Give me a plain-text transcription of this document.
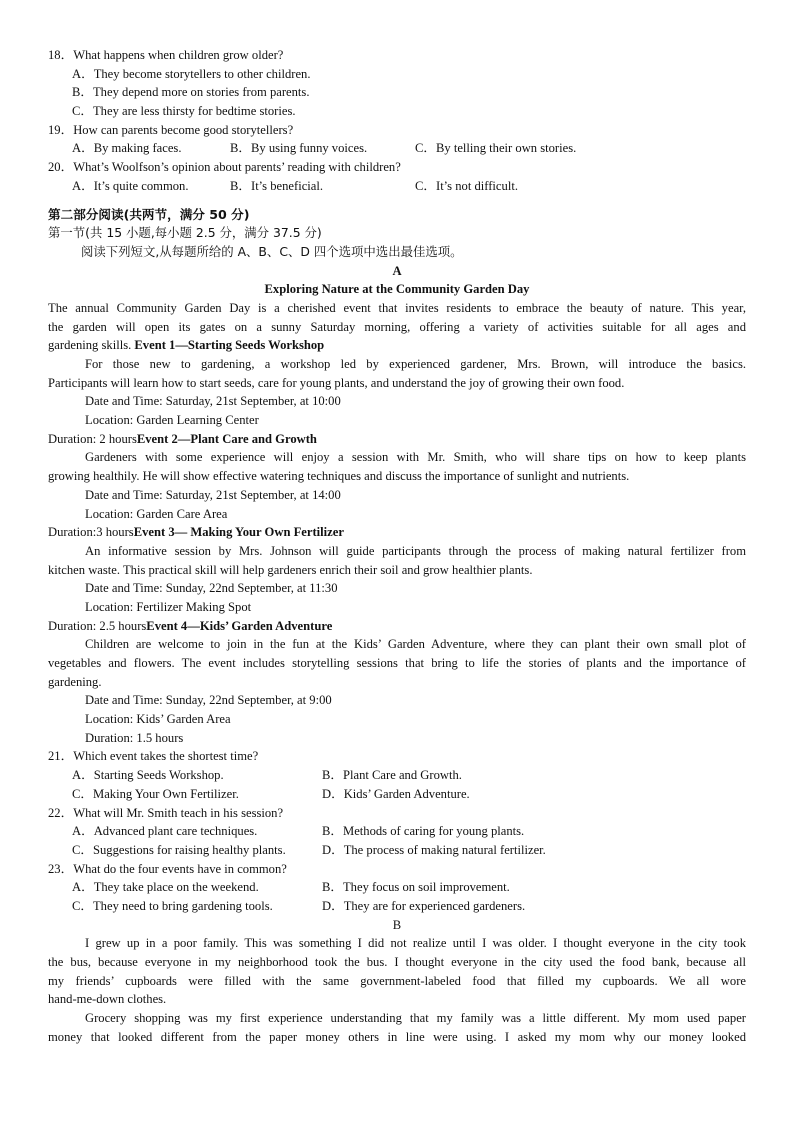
18．What happens when children grow older?
A．They become storytellers to other children.
B．They depend more on stories from parents.
C．They are less thirsty for bedtime stories.
19．How can parents become good storytellers?
A．By making faces.	B．By using funny voices.	C．By telling their own stories.
20．What’s Woolfson’s opinion about parents’ reading with children?
A．It’s quite common.	B．It’s beneficial.	C．It’s not difficult.
第二部分阅读(共两节，满分 50 分)
第一节(共 15 小题,每小题 2.5 分，满分 37.5 分)
阅读下列短文,从每题所给的 A、B、C、D 四个选项中选出最佳选项。
A
Exploring Nature at the Community Garden Day
The annual Community Garden Day is a cherished event that invites residents to embrace the beauty of nature. This year,
the garden will open its gates on a sunny Saturday morning, offering a variety of activities suitable for all ages and
gardening skills. Event 1—Starting Seeds Workshop
For those new to gardening, a workshop led by experienced gardener, Mrs. Brown, will introduce the basics.
Participants will learn how to start seeds, care for young plants, and understand the joy of growing their own food.
Date and Time: Saturday, 21st September, at 10:00
Location: Garden Learning Center
Duration: 2 hoursEvent 2—Plant Care and Growth
Gardeners with some experience will enjoy a session with Mr. Smith, who will share tips on how to keep plants
growing healthily. He will show effective watering techniques and discuss the importance of sunlight and nutrients.
Date and Time: Saturday, 21st September, at 14:00
Location: Garden Care Area
Duration:3 hoursEvent 3— Making Your Own Fertilizer
An informative session by Mrs. Johnson will guide participants through the process of making natural fertilizer from
kitchen waste. This practical skill will help gardeners enrich their soil and grow healthier plants.
Date and Time: Sunday, 22nd September, at 11:30
Location: Fertilizer Making Spot
Duration: 2.5 hoursEvent 4—Kids’ Garden Adventure
Children are welcome to join in the fun at the Kids’ Garden Adventure, where they can plant their own small plot of
vegetables and flowers. The event includes storytelling sessions that bring to life the stories of plants and the importance of
gardening.
Date and Time: Sunday, 22nd September, at 9:00
Location: Kids’ Garden Area
Duration: 1.5 hours
21．Which event takes the shortest time?
A．Starting Seeds Workshop.	B．Plant Care and Growth.
C．Making Your Own Fertilizer.	D．Kids’ Garden Adventure.
22．What will Mr. Smith teach in his session?
A．Advanced plant care techniques.	B．Methods of caring for young plants.
C．Suggestions for raising healthy plants.	D．The process of making natural fertilizer.
23．What do the four events have in common?
A．They take place on the weekend.	B．They focus on soil improvement.
C．They need to bring gardening tools.	D．They are for experienced gardeners.
B
I grew up in a poor family. This was something I did not realize until I was older. I thought everyone in the city took
the bus, because everyone in my neighborhood took the bus. I thought everyone in the city used the food bank, because all
my friends’ cupboards were filled with the same government-labeled food that filled my cupboards. We all wore
hand-me-down clothes.
Grocery shopping was my first experience understanding that my family was a little different. My mom used paper
money that looked different from the paper money others in line were using. I asked my mom why our money looked
